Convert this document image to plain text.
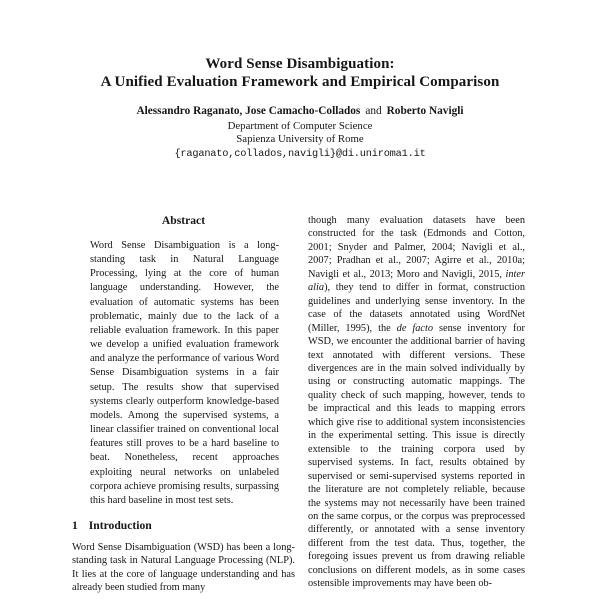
Word Sense Disambiguation:
A Unified Evaluation Framework and Empirical Comparison
Alessandro Raganato, Jose Camacho-Collados and Roberto Navigli
Department of Computer Science
Sapienza University of Rome
{raganato,collados,navigli}@di.uniroma1.it
Abstract

Word Sense Disambiguation is a long-standing task in Natural Language Processing, lying at the core of human language understanding. However, the evaluation of automatic systems has been problematic, mainly due to the lack of a reliable evaluation framework. In this paper we develop a unified evaluation framework and analyze the performance of various Word Sense Disambiguation systems in a fair setup. The results show that supervised systems clearly outperform knowledge-based models. Among the supervised systems, a linear classifier trained on conventional local features still proves to be a hard baseline to beat. Nonetheless, recent approaches exploiting neural networks on unlabeled corpora achieve promising results, surpassing this hard baseline in most test sets.

1 Introduction

Word Sense Disambiguation (WSD) has been a long-standing task in Natural Language Processing (NLP). It lies at the core of language understanding and has already been studied from many

though many evaluation datasets have been constructed for the task (Edmonds and Cotton, 2001; Snyder and Palmer, 2004; Navigli et al., 2007; Pradhan et al., 2007; Agirre et al., 2010a; Navigli et al., 2013; Moro and Navigli, 2015, inter alia), they tend to differ in format, construction guidelines and underlying sense inventory. In the case of the datasets annotated using WordNet (Miller, 1995), the de facto sense inventory for WSD, we encounter the additional barrier of having text annotated with different versions. These divergences are in the main solved individually by using or constructing automatic mappings. The quality check of such mapping, however, tends to be impractical and this leads to mapping errors which give rise to additional system inconsistencies in the experimental setting. This issue is directly extensible to the training corpora used by supervised systems. In fact, results obtained by supervised or semi-supervised systems reported in the literature are not completely reliable, because the systems may not necessarily have been trained on the same corpus, or the corpus was preprocessed differently, or annotated with a sense inventory different from the test data. Thus, together, the foregoing issues prevent us from drawing reliable conclusions on different models, as in some cases ostensible improvements may have been ob-
